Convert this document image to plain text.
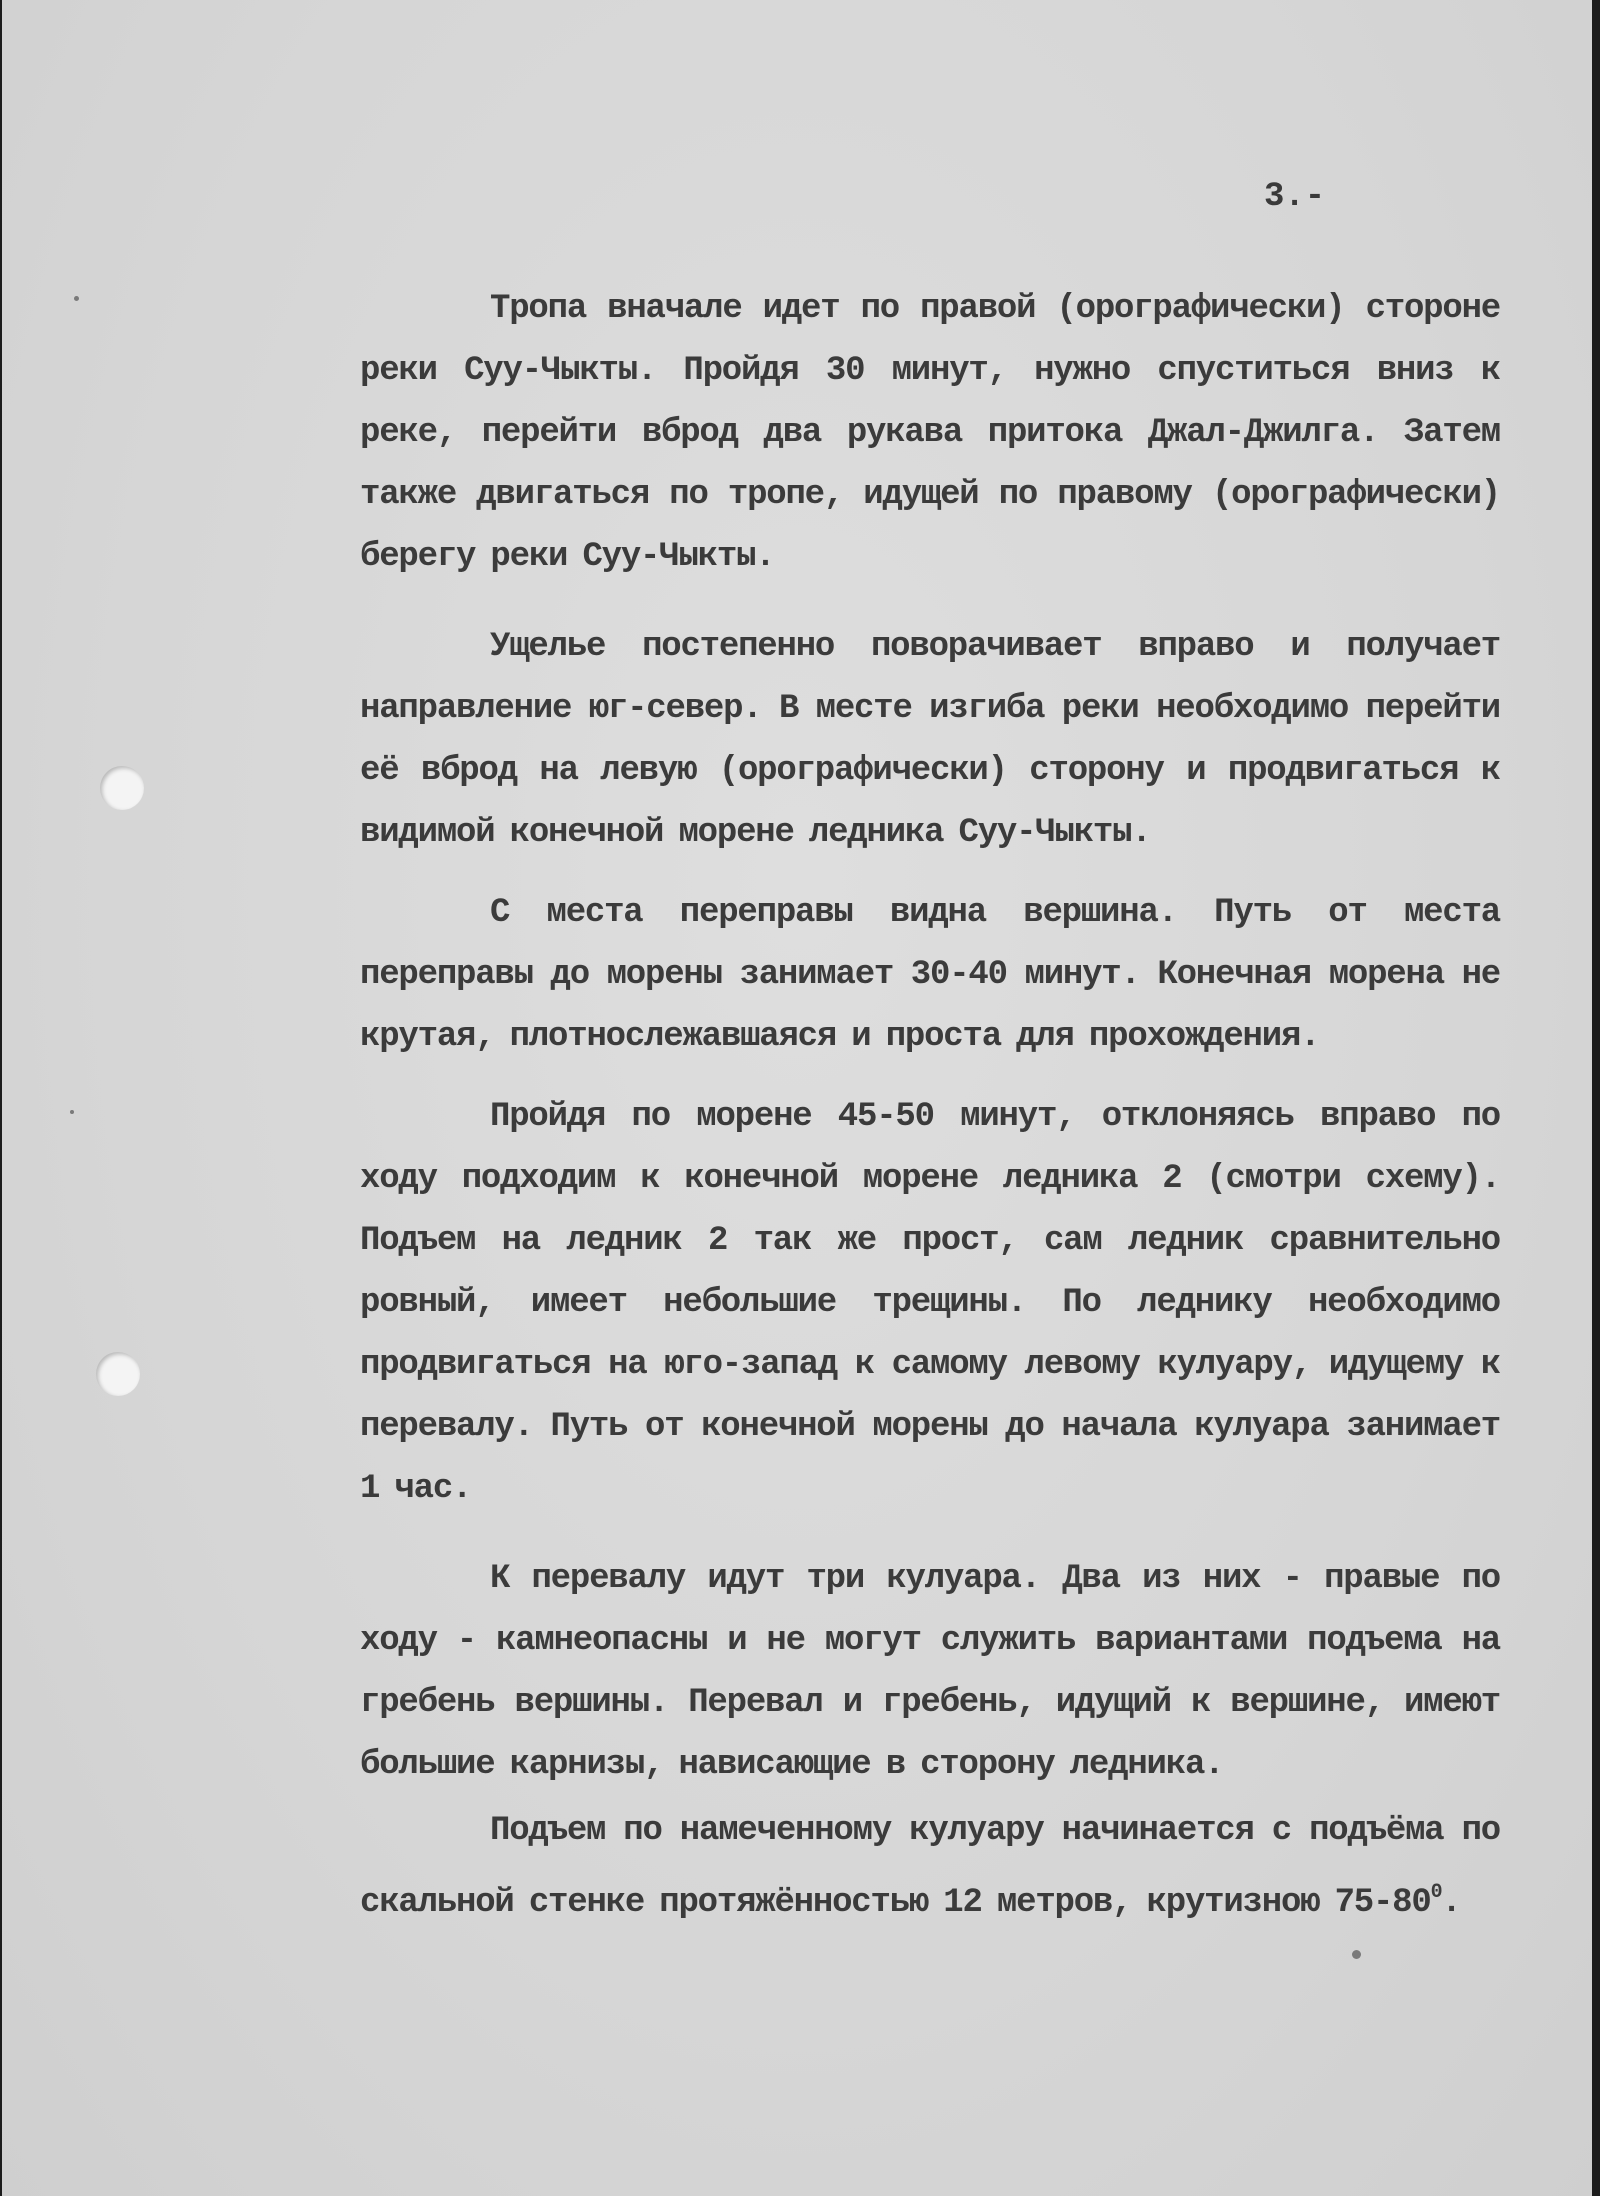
3.-

Тропа вначале идет по правой (орографически) стороне реки Суу-Чыкты. Пройдя 30 минут, нужно спуститься вниз к реке, перейти вброд два рукава притока Джал-Джилга. Затем также двигаться по тропе, идущей по правому (орографически) берегу реки Суу-Чыкты.

Ущелье постепенно поворачивает вправо и получает направление юг-север. В месте изгиба реки необходимо перейти её вброд на левую (орографически) сторону и продвигаться к видимой конечной морене ледника Суу-Чыкты.

С места переправы видна вершина. Путь от места переправы до морены занимает 30-40 минут. Конечная морена не крутая, плотнослежавшаяся и проста для прохождения.

Пройдя по морене 45-50 минут, отклоняясь вправо по ходу подходим к конечной морене ледника 2 (смотри схему). Подъем на ледник 2 так же прост, сам ледник сравнительно ровный, имеет небольшие трещины. По леднику необходимо продвигаться на юго-запад к самому левому кулуару, идущему к перевалу. Путь от конечной морены до начала кулуара занимает 1 час.

К перевалу идут три кулуара. Два из них - правые по ходу - камнеопасны и не могут служить вариантами подъема на гребень вершины. Перевал и гребень, идущий к вершине, имеют большие карнизы, нависающие в сторону ледника.

Подъем по намеченному кулуару начинается с подъёма по скальной стенке протяжённостью 12 метров, крутизною $75-80^0$.
